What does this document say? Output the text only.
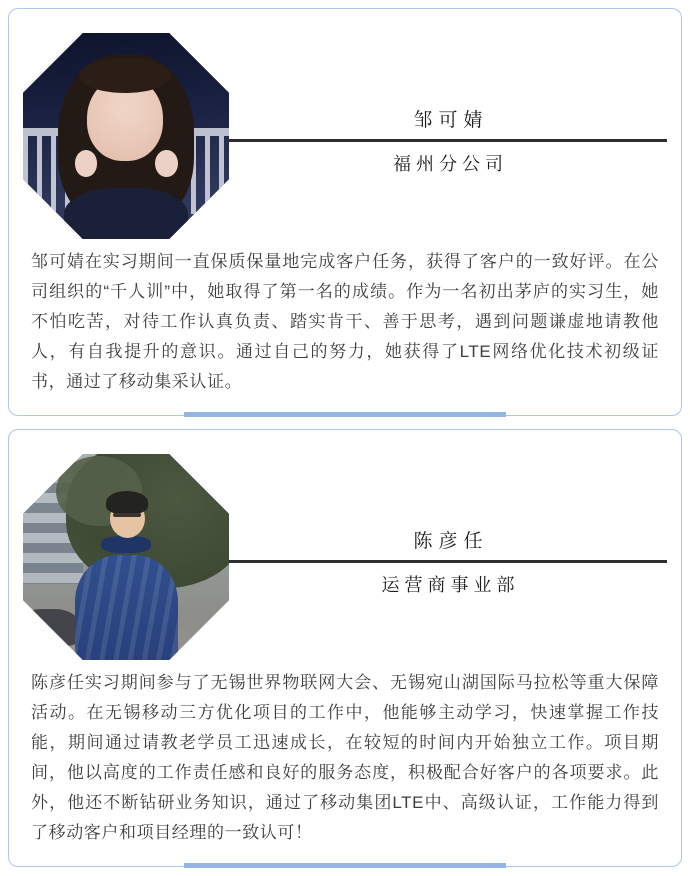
邹可婧
福州分公司

邹可婧在实习期间一直保质保量地完成客户任务，获得了客户的一致好评。在公司组织的“千人训”中，她取得了第一名的成绩。作为一名初出茅庐的实习生，她不怕吃苦，对待工作认真负责、踏实肯干、善于思考，遇到问题谦虚地请教他人，有自我提升的意识。通过自己的努力，她获得了LTE网络优化技术初级证书，通过了移动集采认证。

陈彦任
运营商事业部

陈彦任实习期间参与了无锡世界物联网大会、无锡宛山湖国际马拉松等重大保障活动。在无锡移动三方优化项目的工作中，他能够主动学习，快速掌握工作技能，期间通过请教老学员工迅速成长，在较短的时间内开始独立工作。项目期间，他以高度的工作责任感和良好的服务态度，积极配合好客户的各项要求。此外，他还不断钻研业务知识，通过了移动集团LTE中、高级认证，工作能力得到了移动客户和项目经理的一致认可！
